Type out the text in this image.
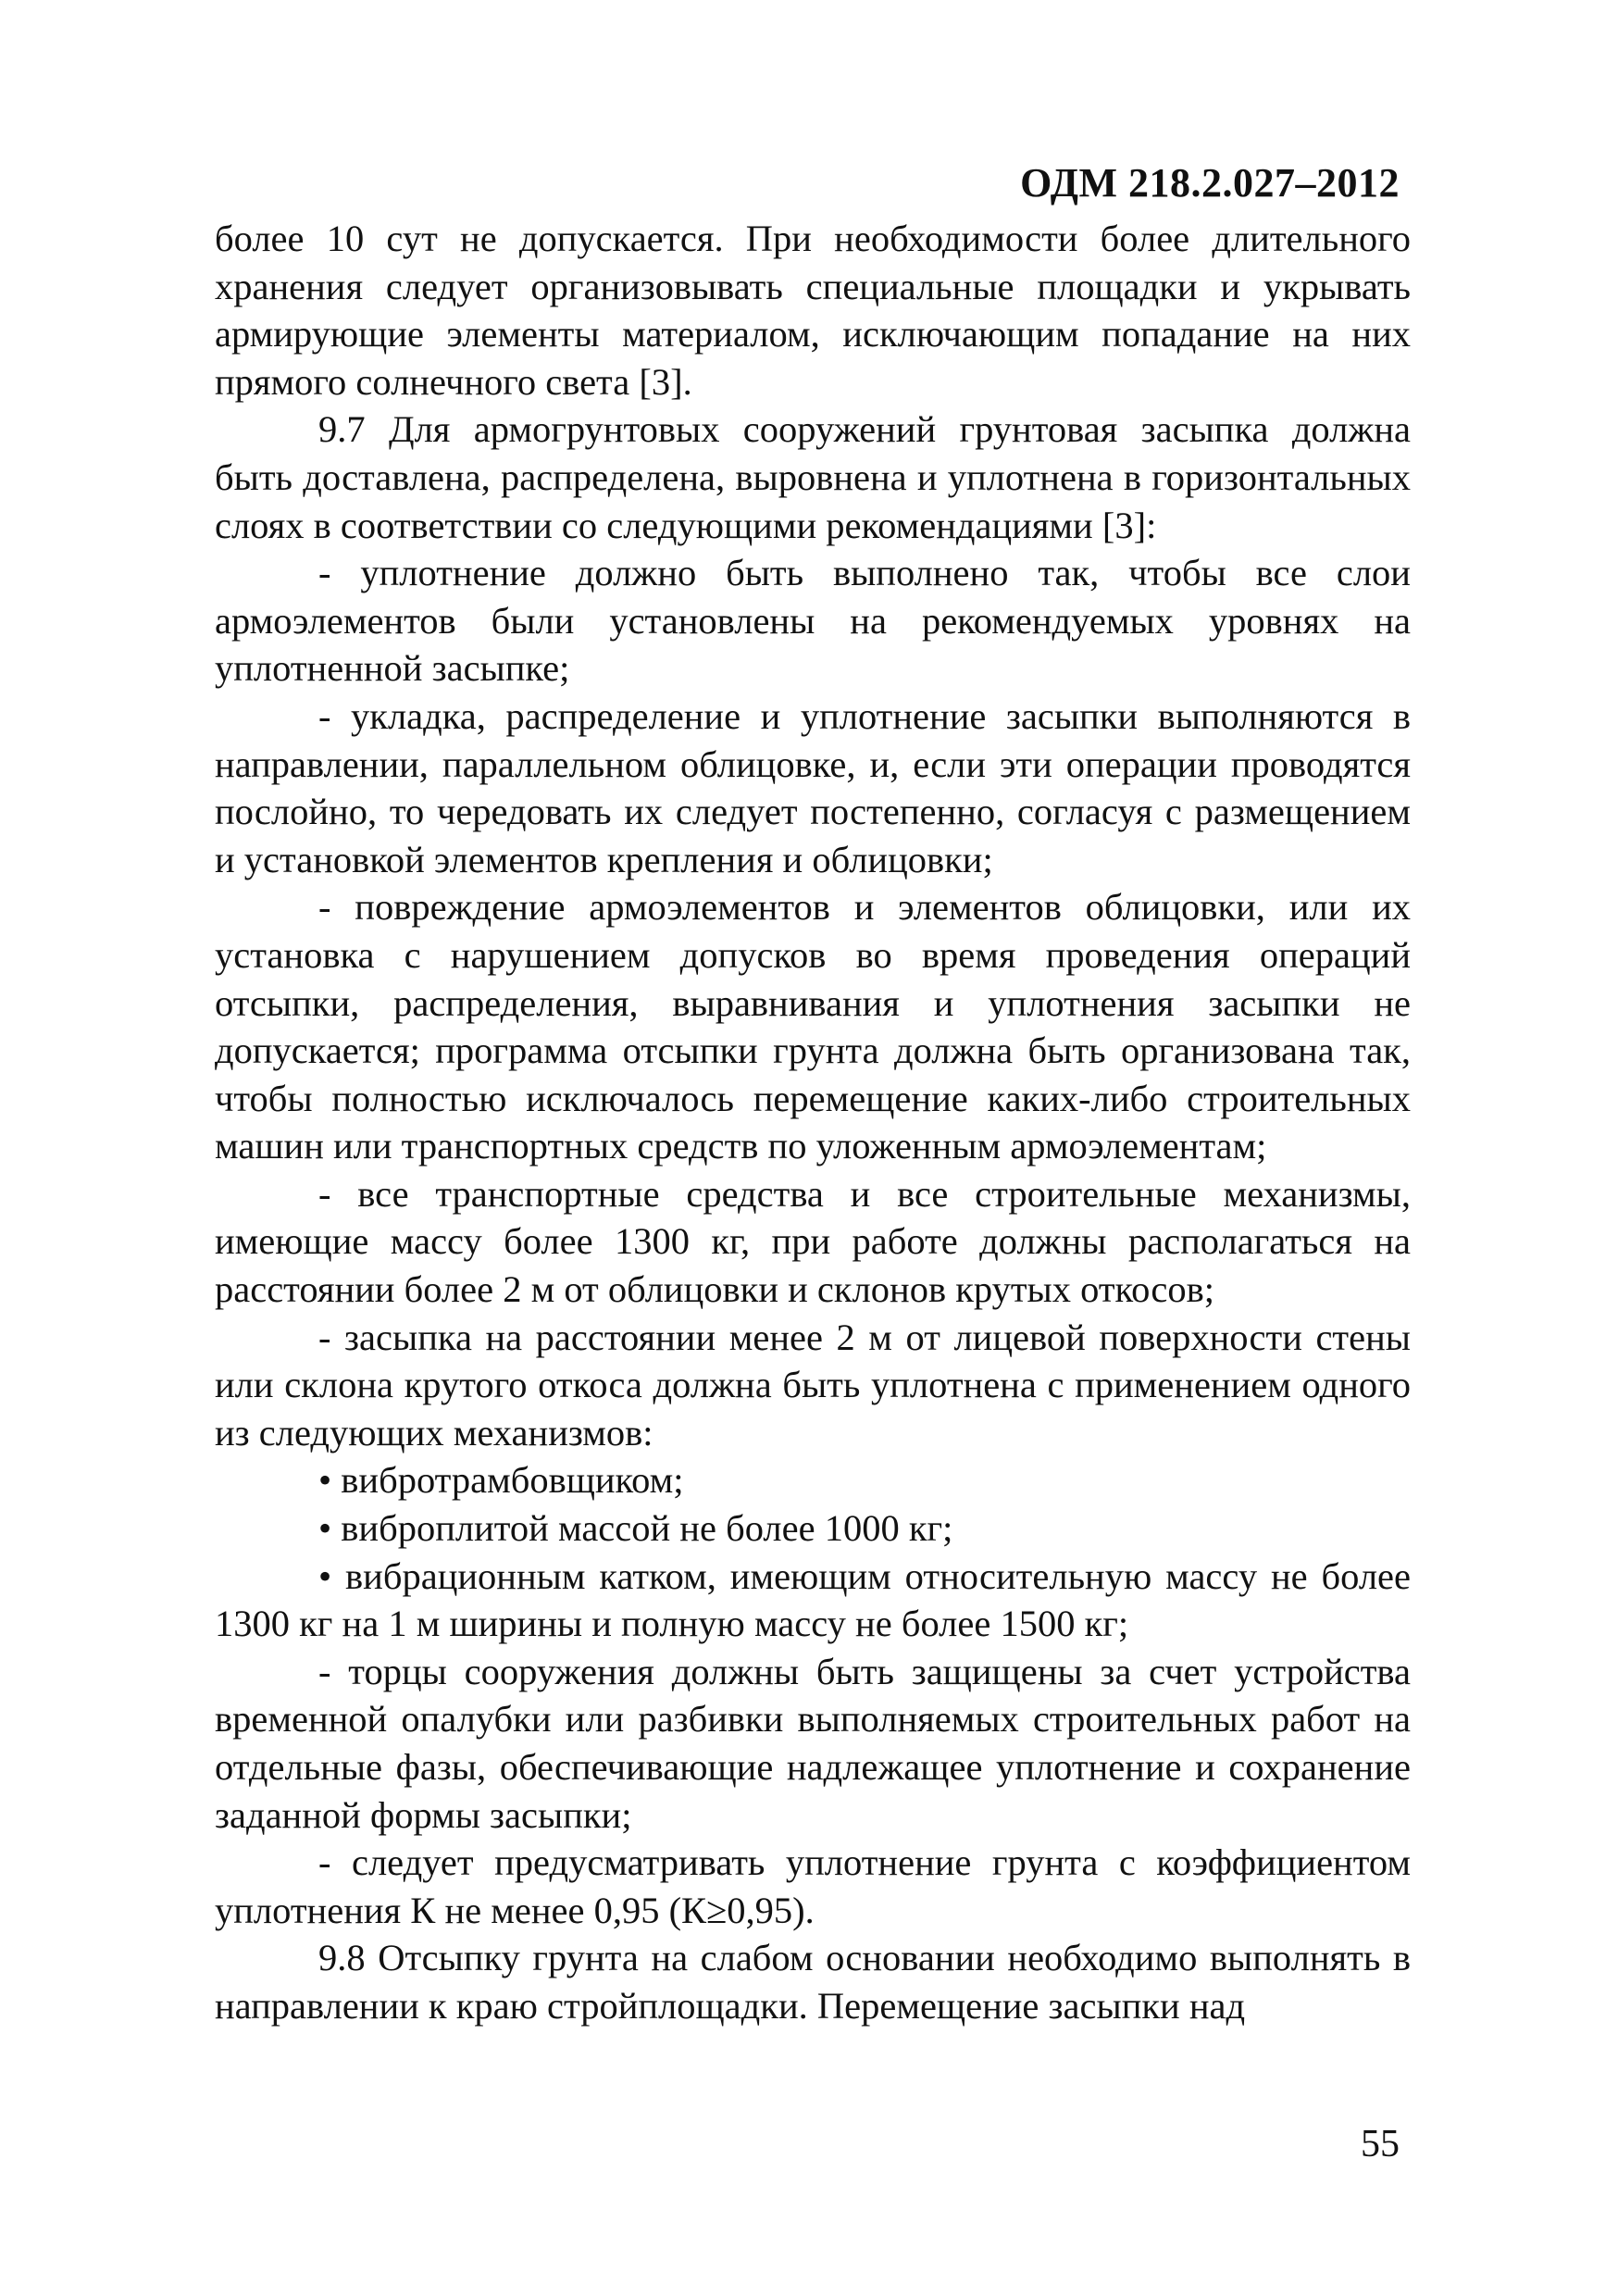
ОДМ 218.2.027–2012

более 10 сут не допускается. При необходимости более длительного хранения следует организовывать специальные площадки и укрывать армирующие элементы материалом, исключающим попадание на них прямого солнечного света [3].

9.7 Для армогрунтовых сооружений грунтовая засыпка должна быть доставлена, распределена, выровнена и уплотнена в горизонтальных слоях в соответствии со следующими рекомендациями [3]:

- уплотнение должно быть выполнено так, чтобы все слои армоэлементов были установлены на рекомендуемых уровнях на уплотненной засыпке;

- укладка, распределение и уплотнение засыпки выполняются в направлении, параллельном облицовке, и, если эти операции проводятся послойно, то чередовать их следует постепенно, согласуя с размещением и установкой элементов крепления и облицовки;

- повреждение армоэлементов и элементов облицовки, или их установка с нарушением допусков во время проведения операций отсыпки, распределения, выравнивания и уплотнения засыпки не допускается; программа отсыпки грунта должна быть организована так, чтобы полностью исключалось перемещение каких-либо строительных машин или транспортных средств по уложенным армоэлементам;

- все транспортные средства и все строительные механизмы, имеющие массу более 1300 кг, при работе должны располагаться на расстоянии более 2 м от облицовки и склонов крутых откосов;

- засыпка на расстоянии менее 2 м от лицевой поверхности стены или склона крутого откоса должна быть уплотнена с применением одного из следующих механизмов:

• вибротрамбовщиком;

• виброплитой массой не более 1000 кг;

• вибрационным катком, имеющим относительную массу не более 1300 кг на 1 м ширины и полную массу не более 1500 кг;

- торцы сооружения должны быть защищены за счет устройства временной опалубки или разбивки выполняемых строительных работ на отдельные фазы, обеспечивающие надлежащее уплотнение и сохранение заданной формы засыпки;

- следует предусматривать уплотнение грунта с коэффициентом уплотнения К не менее 0,95 (К≥0,95).

9.8 Отсыпку грунта на слабом основании необходимо выполнять в направлении к краю стройплощадки. Перемещение засыпки над

55
